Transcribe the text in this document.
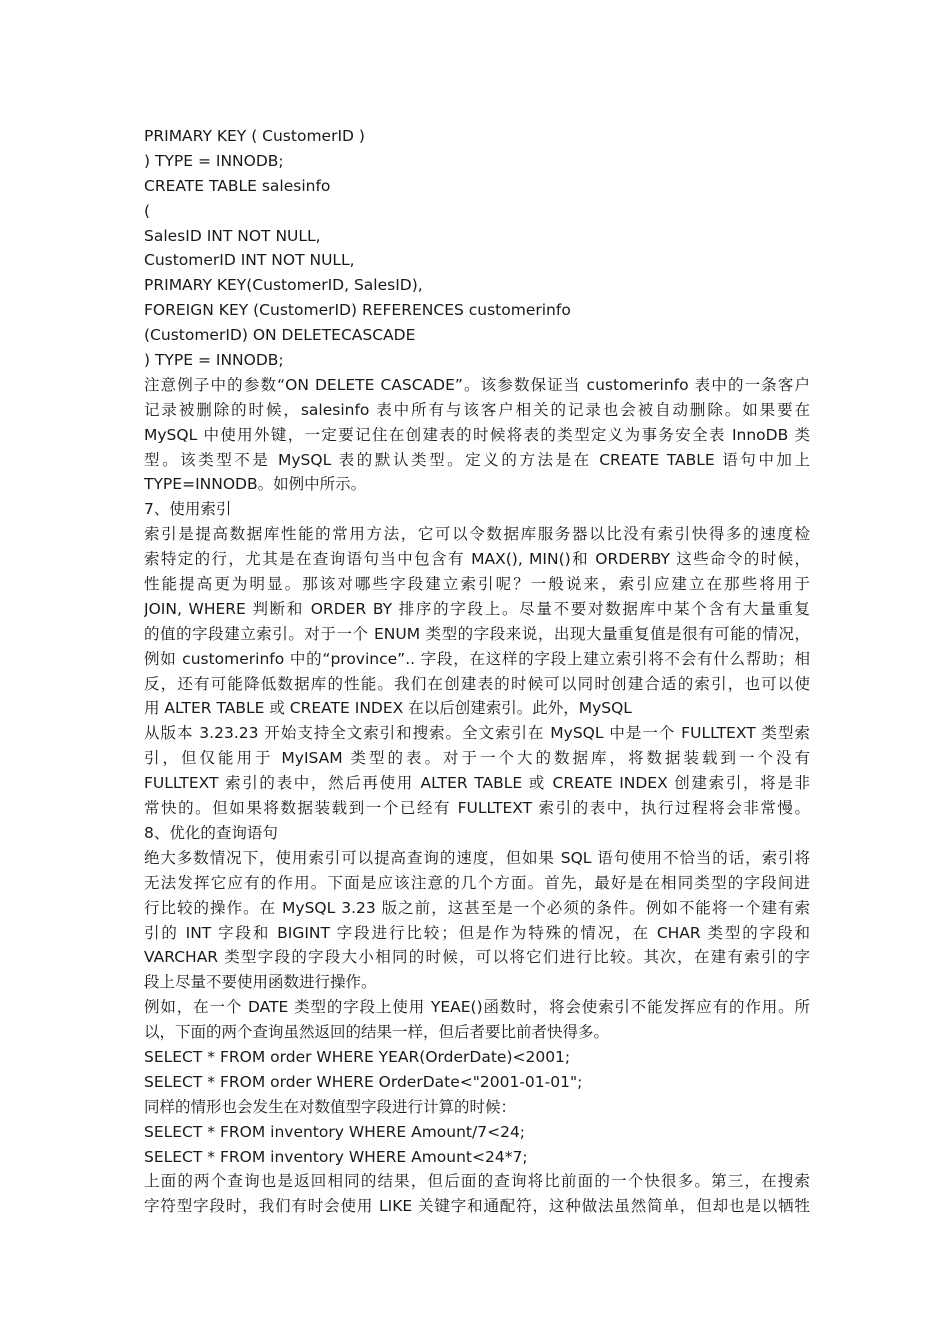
PRIMARY KEY ( CustomerID )
) TYPE = INNODB;
CREATE TABLE salesinfo
(
SalesID INT NOT NULL,
CustomerID INT NOT NULL,
PRIMARY KEY(CustomerID, SalesID),
FOREIGN KEY (CustomerID) REFERENCES customerinfo
(CustomerID) ON DELETECASCADE
) TYPE = INNODB;
注意例子中的参数“ON DELETE CASCADE”。该参数保证当 customerinfo 表中的一条客户
记录被删除的时候，salesinfo 表中所有与该客户相关的记录也会被自动删除。如果要在
MySQL 中使用外键，一定要记住在创建表的时候将表的类型定义为事务安全表 InnoDB 类
型。该类型不是 MySQL 表的默认类型。定义的方法是在 CREATE TABLE 语句中加上
TYPE=INNODB。如例中所示。
7、使用索引
索引是提高数据库性能的常用方法，它可以令数据库服务器以比没有索引快得多的速度检
索特定的行，尤其是在查询语句当中包含有 MAX(), MIN()和 ORDERBY 这些命令的时候，
性能提高更为明显。那该对哪些字段建立索引呢？一般说来，索引应建立在那些将用于
JOIN, WHERE 判断和 ORDER BY 排序的字段上。尽量不要对数据库中某个含有大量重复
的值的字段建立索引。对于一个 ENUM 类型的字段来说，出现大量重复值是很有可能的情况，
例如 customerinfo 中的“province”.. 字段，在这样的字段上建立索引将不会有什么帮助；相
反，还有可能降低数据库的性能。我们在创建表的时候可以同时创建合适的索引，也可以使
用 ALTER TABLE 或 CREATE INDEX 在以后创建索引。此外，MySQL
从版本 3.23.23 开始支持全文索引和搜索。全文索引在 MySQL 中是一个 FULLTEXT 类型索
引，但仅能用于 MyISAM 类型的表。对于一个大的数据库，将数据装载到一个没有
FULLTEXT 索引的表中，然后再使用 ALTER TABLE 或 CREATE INDEX 创建索引，将是非
常快的。但如果将数据装载到一个已经有 FULLTEXT 索引的表中，执行过程将会非常慢。
8、优化的查询语句
绝大多数情况下，使用索引可以提高查询的速度，但如果 SQL 语句使用不恰当的话，索引将
无法发挥它应有的作用。下面是应该注意的几个方面。首先，最好是在相同类型的字段间进
行比较的操作。在 MySQL 3.23 版之前，这甚至是一个必须的条件。例如不能将一个建有索
引的 INT 字段和 BIGINT 字段进行比较；但是作为特殊的情况，在 CHAR 类型的字段和
VARCHAR 类型字段的字段大小相同的时候，可以将它们进行比较。其次，在建有索引的字
段上尽量不要使用函数进行操作。
例如，在一个 DATE 类型的字段上使用 YEAE()函数时，将会使索引不能发挥应有的作用。所
以，下面的两个查询虽然返回的结果一样，但后者要比前者快得多。
SELECT * FROM order WHERE YEAR(OrderDate)<2001;
SELECT * FROM order WHERE OrderDate<"2001-01-01";
同样的情形也会发生在对数值型字段进行计算的时候：
SELECT * FROM inventory WHERE Amount/7<24;
SELECT * FROM inventory WHERE Amount<24*7;
上面的两个查询也是返回相同的结果，但后面的查询将比前面的一个快很多。第三，在搜索
字符型字段时，我们有时会使用 LIKE 关键字和通配符，这种做法虽然简单，但却也是以牺牲
